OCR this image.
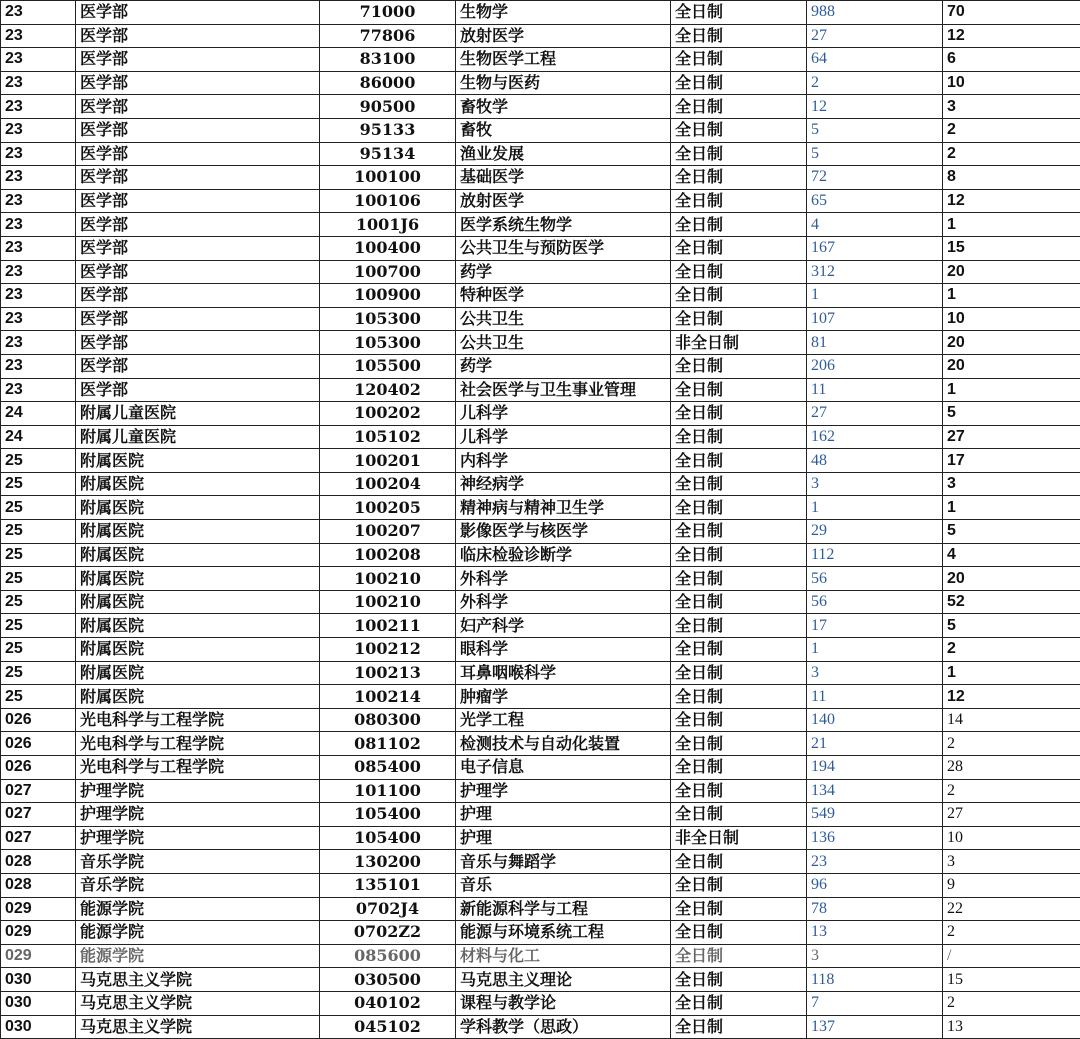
23	医学部	71000	生物学	全日制	988	70
23	医学部	77806	放射医学	全日制	27	12
23	医学部	83100	生物医学工程	全日制	64	6
23	医学部	86000	生物与医药	全日制	2	10
23	医学部	90500	畜牧学	全日制	12	3
23	医学部	95133	畜牧	全日制	5	2
23	医学部	95134	渔业发展	全日制	5	2
23	医学部	100100	基础医学	全日制	72	8
23	医学部	100106	放射医学	全日制	65	12
23	医学部	1001J6	医学系统生物学	全日制	4	1
23	医学部	100400	公共卫生与预防医学	全日制	167	15
23	医学部	100700	药学	全日制	312	20
23	医学部	100900	特种医学	全日制	1	1
23	医学部	105300	公共卫生	全日制	107	10
23	医学部	105300	公共卫生	非全日制	81	20
23	医学部	105500	药学	全日制	206	20
23	医学部	120402	社会医学与卫生事业管理	全日制	11	1
24	附属儿童医院	100202	儿科学	全日制	27	5
24	附属儿童医院	105102	儿科学	全日制	162	27
25	附属医院	100201	内科学	全日制	48	17
25	附属医院	100204	神经病学	全日制	3	3
25	附属医院	100205	精神病与精神卫生学	全日制	1	1
25	附属医院	100207	影像医学与核医学	全日制	29	5
25	附属医院	100208	临床检验诊断学	全日制	112	4
25	附属医院	100210	外科学	全日制	56	20
25	附属医院	100210	外科学	全日制	56	52
25	附属医院	100211	妇产科学	全日制	17	5
25	附属医院	100212	眼科学	全日制	1	2
25	附属医院	100213	耳鼻咽喉科学	全日制	3	1
25	附属医院	100214	肿瘤学	全日制	11	12
026	光电科学与工程学院	080300	光学工程	全日制	140	14
026	光电科学与工程学院	081102	检测技术与自动化装置	全日制	21	2
026	光电科学与工程学院	085400	电子信息	全日制	194	28
027	护理学院	101100	护理学	全日制	134	2
027	护理学院	105400	护理	全日制	549	27
027	护理学院	105400	护理	非全日制	136	10
028	音乐学院	130200	音乐与舞蹈学	全日制	23	3
028	音乐学院	135101	音乐	全日制	96	9
029	能源学院	0702J4	新能源科学与工程	全日制	78	22
029	能源学院	0702Z2	能源与环境系统工程	全日制	13	2
029	能源学院	085600	材料与化工	全日制	3	/
030	马克思主义学院	030500	马克思主义理论	全日制	118	15
030	马克思主义学院	040102	课程与教学论	全日制	7	2
030	马克思主义学院	045102	学科教学（思政）	全日制	137	13
